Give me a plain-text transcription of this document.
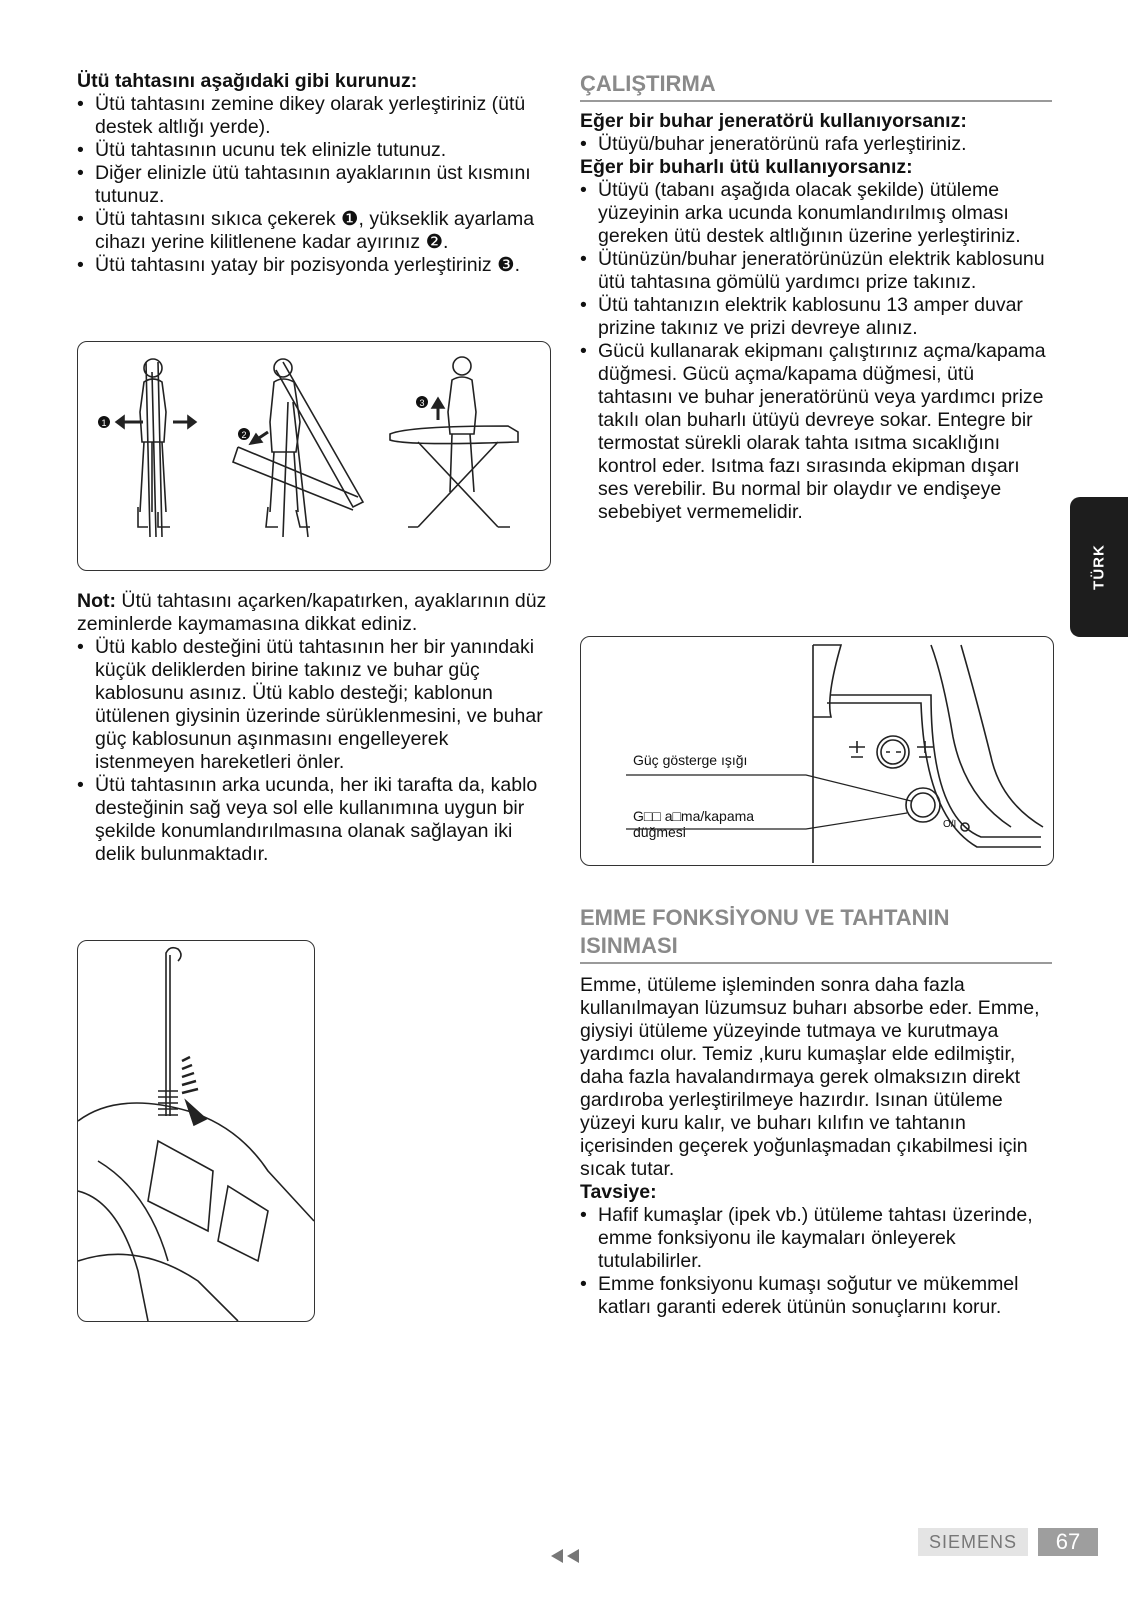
Ütü tahtasını aşağıdaki gibi kurunuz:

• Ütü tahtasını zemine dikey olarak yerleştiriniz (ütü destek altlığı yerde).
• Ütü tahtasının ucunu tek elinizle tutunuz.
• Diğer elinizle ütü tahtasının ayaklarının üst kısmını tutunuz.
• Ütü tahtasını sıkıca çekerek ❶, yükseklik ayarlama cihazı yerine kilitlenene kadar ayırınız ❷.
• Ütü tahtasını yatay bir pozisyonda yerleştiriniz ❸.
1
2
3

Not: Ütü tahtasını açarken/kapatırken, ayaklarının düz zeminlerde kaymamasına dikkat ediniz.

• Ütü kablo desteğini ütü tahtasının her bir yanındaki küçük deliklerden birine takınız ve buhar güç kablosunu asınız. Ütü kablo desteği; kablonun ütülenen giysinin üzerinde sürüklenmesini, ve buhar güç kablosunun aşınmasını engelleyerek istenmeyen hareketleri önler.
• Ütü tahtasının arka ucunda, her iki tarafta da, kablo desteğinin sağ veya sol elle kullanımına uygun bir şekilde konumlandırılmasına olanak sağlayan iki delik bulunmaktadır.
ÇALIŞTIRMA

Eğer bir buhar jeneratörü kullanıyorsanız:

• Ütüyü/buhar jeneratörünü rafa yerleştiriniz.

Eğer bir buharlı ütü kullanıyorsanız:

• Ütüyü (tabanı aşağıda olacak şekilde) ütüleme yüzeyinin arka ucunda konumlandırılmış olması gereken ütü destek altlığının üzerine yerleştiriniz.
• Ütünüzün/buhar jeneratörünüzün elektrik kablosunu ütü tahtasına gömülü yardımcı prize takınız.
• Ütü tahtanızın elektrik kablosunu 13 amper duvar prizine takınız ve prizi devreye alınız.
• Gücü kullanarak ekipmanı çalıştırınız açma/kapama düğmesi. Gücü açma/kapama düğmesi, ütü tahtasını ve buhar jeneratörünü veya yardımcı prize takılı olan buharlı ütüyü devreye sokar. Entegre bir termostat sürekli olarak tahta ısıtma sıcaklığını kontrol eder. Isıtma fazı sırasında ekipman dışarı ses verebilir. Bu normal bir olaydır ve endişeye sebebiyet vermemelidir.
O/I
Güç gösterge ışığı
G□□ a□ma/kapama
düğmesi
EMME FONKSİYONU VE TAHTANIN ISINMASI

Emme, ütüleme işleminden sonra daha fazla kullanılmayan lüzumsuz buharı absorbe eder. Emme, giysiyi ütüleme yüzeyinde tutmaya ve kurutmaya yardımcı olur. Temiz ,kuru kumaşlar elde edilmiştir, daha fazla havalandırmaya gerek olmaksızın direkt gardıroba yerleştirilmeye hazırdır. Isınan ütüleme yüzeyi kuru kalır, ve buharı kılıfın ve tahtanın içerisinden geçerek yoğunlaşmadan çıkabilmesi için sıcak tutar.

Tavsiye:

• Hafif kumaşlar (ipek vb.) ütüleme tahtası üzerinde, emme fonksiyonu ile kaymaları önleyerek tutulabilirler.
• Emme fonksiyonu kumaşı soğutur ve mükemmel katları garanti ederek ütünün sonuçlarını korur.
TÜRK
SIEMENS	67
